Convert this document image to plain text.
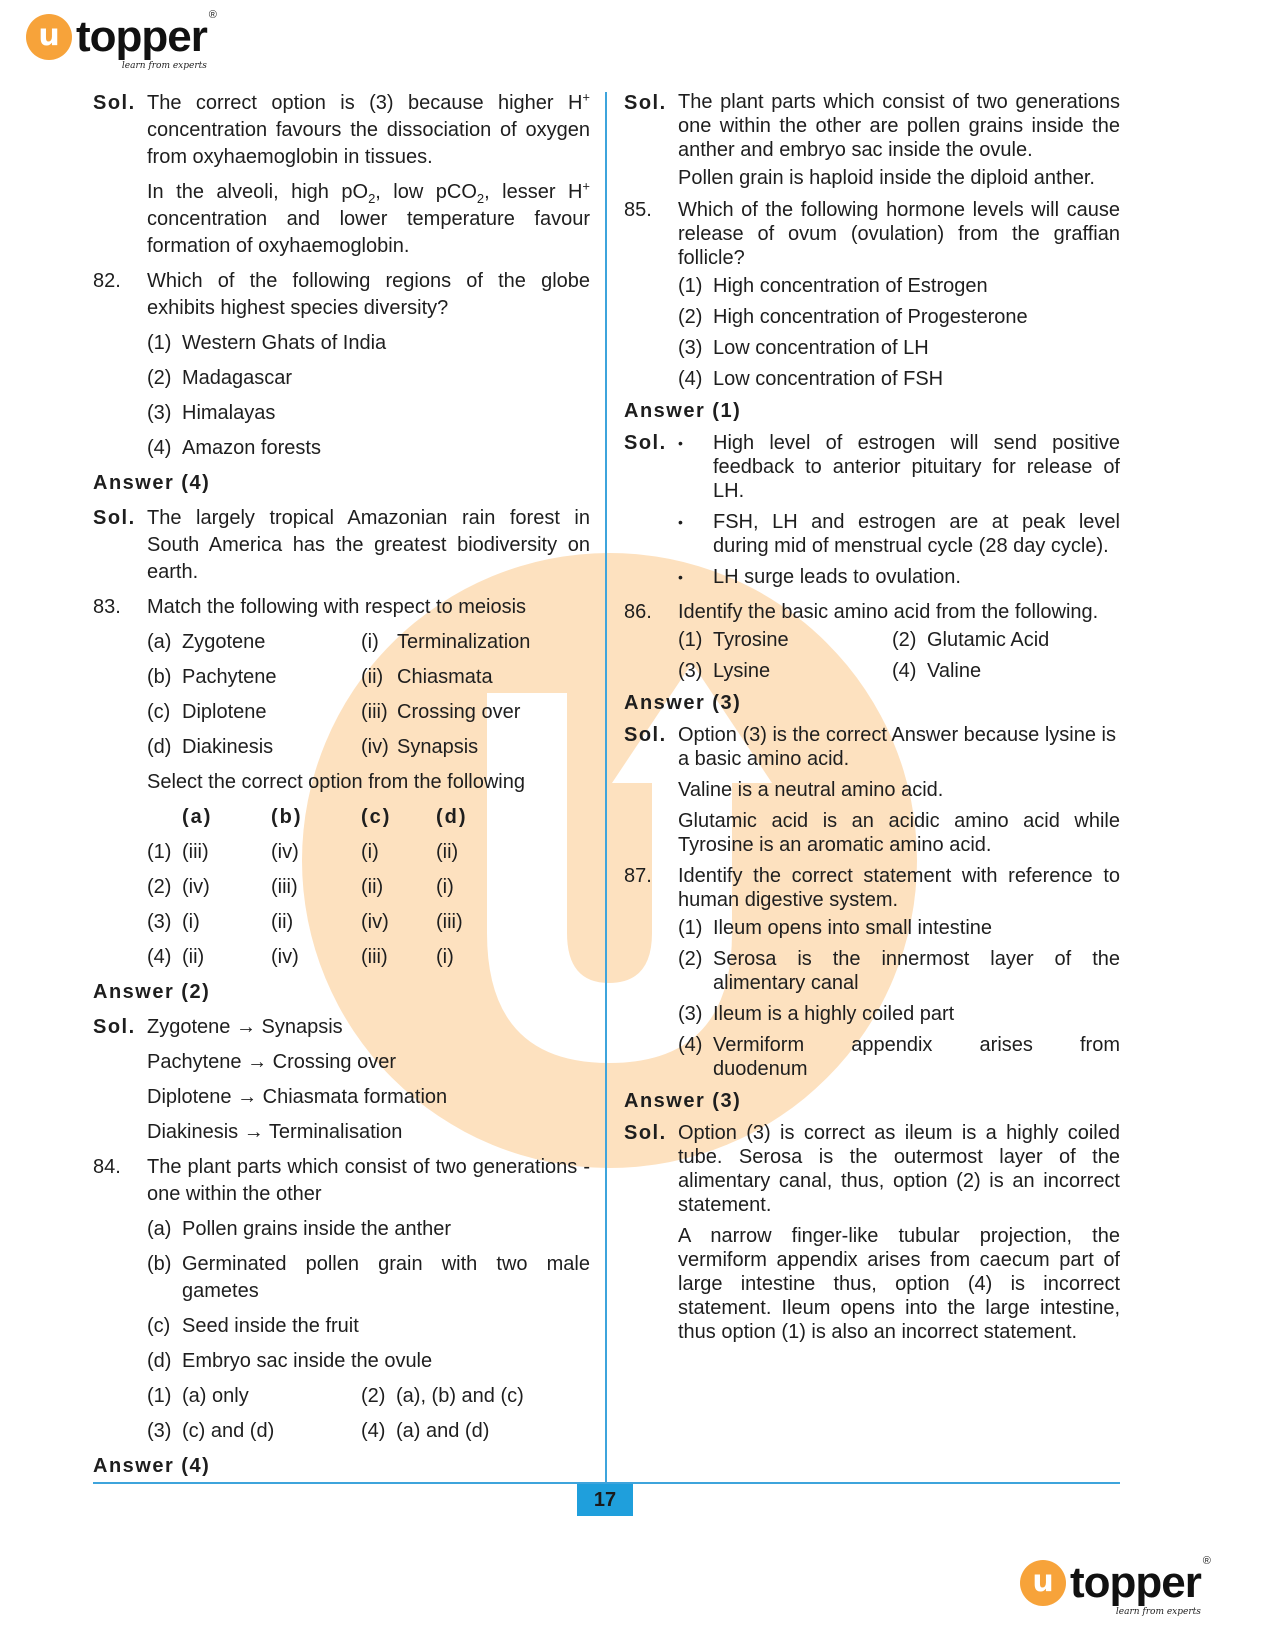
u topper
learn from experts
®
Sol. The correct option is (3) because higher H+ concentration favours the dissociation of oxygen from oxyhaemoglobin in tissues.
In the alveoli, high $pO_2$, low pCO$_2$, lesser H+ concentration and lower temperature favour formation of oxyhaemoglobin.
82.	Which of the following regions of the globe exhibits highest species diversity?
(1) Western Ghats of India
(2) Madagascar
(3) Himalayas
(4) Amazon forests
Answer (4)
Sol. The largely tropical Amazonian rain forest in South America has the greatest biodiversity on earth.
83.	Match the following with respect to meiosis
(a) Zygotene	(i) Terminalization
(b) Pachytene	(ii) Chiasmata
(c) Diplotene	(iii) Crossing over
(d) Diakinesis	(iv) Synapsis
Select the correct option from the following
(a)	(b)	(c)	(d)
(1) (iii)	(iv)	(i)	(ii)
(2) (iv)	(iii)	(ii)	(i)
(3) (i)	(ii)	(iv)	(iii)
(4) (ii)	(iv)	(iii)	(i)
Answer (2)
Sol. Zygotene → Synapsis
Pachytene → Crossing over
Diplotene → Chiasmata formation
Diakinesis → Terminalisation
84.	The plant parts which consist of two generations - one within the other
(a) Pollen grains inside the anther
(b) Germinated pollen grain with two male gametes
(c) Seed inside the fruit
(d) Embryo sac inside the ovule
(1) (a) only	(2) (a), (b) and (c)
(3) (c) and (d)	(4) (a) and (d)
Answer (4)
Sol. The plant parts which consist of two generations one within the other are pollen grains inside the anther and embryo sac inside the ovule.
Pollen grain is haploid inside the diploid anther.
85.	Which of the following hormone levels will cause release of ovum (ovulation) from the graffian follicle?
(1) High concentration of Estrogen
(2) High concentration of Progesterone
(3) Low concentration of LH
(4) Low concentration of FSH
Answer (1)
Sol. •	High level of estrogen will send positive feedback to anterior pituitary for release of LH.
•	FSH, LH and estrogen are at peak level during mid of menstrual cycle (28 day cycle).
•	LH surge leads to ovulation.
86.	Identify the basic amino acid from the following.
(1) Tyrosine	(2) Glutamic Acid
(3) Lysine	(4) Valine
Answer (3)
Sol. Option (3) is the correct Answer because lysine is a basic amino acid.
Valine is a neutral amino acid.
Glutamic acid is an acidic amino acid while Tyrosine is an aromatic amino acid.
87.	Identify the correct statement with reference to human digestive system.
(1) Ileum opens into small intestine
(2) Serosa is the innermost layer of the alimentary canal
(3) Ileum is a highly coiled part
(4) Vermiform appendix arises from duodenum
Answer (3)
Sol. Option (3) is correct as ileum is a highly coiled tube. Serosa is the outermost layer of the alimentary canal, thus, option (2) is an incorrect statement.
A narrow finger-like tubular projection, the vermiform appendix arises from caecum part of large intestine thus, option (4) is incorrect statement. Ileum opens into the large intestine, thus option (1) is also an incorrect statement.
17
u topper
learn from experts
®
